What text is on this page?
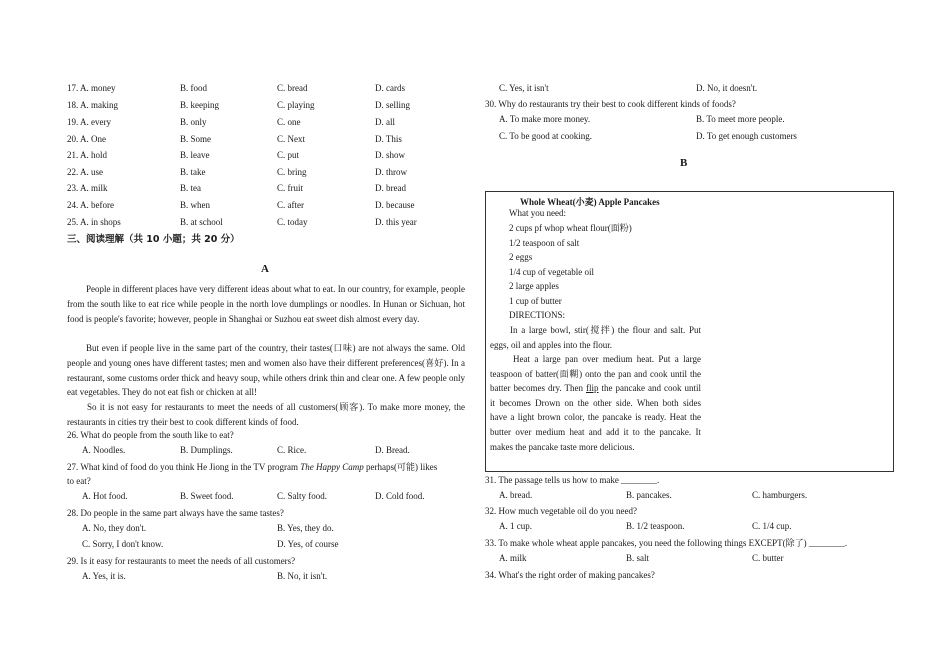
17. A. money	B. food	C. bread	D. cards
18. A. making	B. keeping	C. playing	D. selling
19. A. every	B. only	C. one	D. all
20. A. One	B. Some	C. Next	D. This
21. A. hold	B. leave	C. put	D. show
22. A. use	B. take	C. bring	D. throw
23. A. milk	B. tea	C. fruit	D. bread
24. A. before	B. when	C. after	D. because
25. A. in shops	B. at school	C. today	D. this year
三、阅读理解（共 10 小题；共 20 分）
A
People in different places have very different ideas about what to eat. In our country, for example, people from the south like to eat rice while people in the north love dumplings or noodles. In Hunan or Sichuan, hot food is people's favorite; however, people in Shanghai or Suzhou eat sweet dish almost every day.
But even if people live in the same part of the country, their tastes(口味) are not always the same. Old people and young ones have different tastes; men and women also have their different preferences(喜好). In a restaurant, some customs order thick and heavy soup, while others drink thin and clear one. A few people only eat vegetables. They do not eat fish or chicken at all!
So it is not easy for restaurants to meet the needs of all customers(顾客). To make more money, the restaurants in cities try their best to cook different kinds of food.
26. What do people from the south like to eat?
A. Noodles.	B. Dumplings.	C. Rice.	D. Bread.
27. What kind of food do you think He Jiong in the TV program The Happy Camp perhaps(可能) likes
to eat?
A. Hot food.	B. Sweet food.	C. Salty food.	D. Cold food.
28. Do people in the same part always have the same tastes?
A. No, they don't.	B. Yes, they do.
C. Sorry, I don't know.	D. Yes, of course
29. Is it easy for restaurants to meet the needs of all customers?
A. Yes, it is.	B. No, it isn't.
C. Yes, it isn't	D. No, it doesn't.
30. Why do restaurants try their best to cook different kinds of foods?
A. To make more money.	B. To meet more people.
C. To be good at cooking.	D. To get enough customers
B
Whole Wheat(小麦) Apple Pancakes
What you need:
2 cups pf whop wheat flour(面粉)
1/2 teaspoon of salt
2 eggs
1/4 cup of vegetable oil
2 large apples
1 cup of butter
DIRECTIONS:
In a large bowl, stir(搅拌) the flour and salt. Put eggs, oil and apples into the flour.
Heat a large pan over medium heat. Put a large teaspoon of batter(面糊) onto the pan and cook until the batter becomes dry. Then flip the pancake and cook until it becomes Drown on the other side. When both sides have a light brown color, the pancake is ready. Heat the butter over medium heat and add it to the pancake. It makes the pancake taste more delicious.
31. The passage tells us how to make ________.
A. bread.	B. pancakes.	C. hamburgers.
32. How much vegetable oil do you need?
A. 1 cup.	B. 1/2 teaspoon.	C. 1/4 cup.
33. To make whole wheat apple pancakes, you need the following things EXCEPT(除了) ________.
A. milk	B. salt	C. butter
34. What's the right order of making pancakes?
